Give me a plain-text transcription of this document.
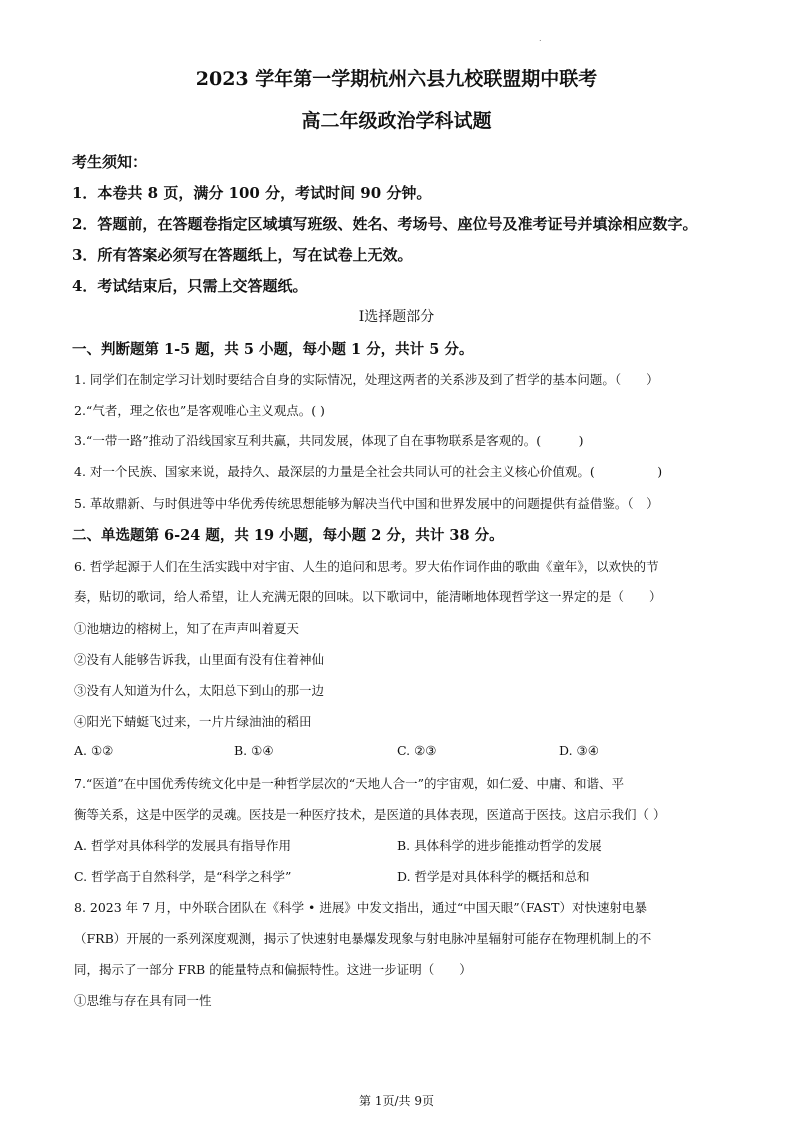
.
2023 学年第一学期杭州六县九校联盟期中联考
高二年级政治学科试题
考生须知：
1．本卷共 8 页，满分 100 分，考试时间 90 分钟。
2．答题前，在答题卷指定区域填写班级、姓名、考场号、座位号及准考证号并填涂相应数字。
3．所有答案必须写在答题纸上，写在试卷上无效。
4．考试结束后，只需上交答题纸。
Ⅰ选择题部分
一、判断题第 1-5 题，共 5 小题，每小题 1 分，共计 5 分。
1. 同学们在制定学习计划时要结合自身的实际情况，处理这两者的关系涉及到了哲学的基本问题。（　　）
2.“气者，理之依也”是客观唯心主义观点。( )
3.“一带一路”推动了沿线国家互利共赢，共同发展，体现了自在事物联系是客观的。(　　　)
4. 对一个民族、国家来说，最持久、最深层的力量是全社会共同认可的社会主义核心价值观。(　　　　　)
5. 革故鼎新、与时俱进等中华优秀传统思想能够为解决当代中国和世界发展中的问题提供有益借鉴。（　）
二、单选题第 6-24 题，共 19 小题，每小题 2 分，共计 38 分。
6. 哲学起源于人们在生活实践中对宇宙、人生的追问和思考。罗大佑作词作曲的歌曲《童年》，以欢快的节
奏，贴切的歌词，给人希望，让人充满无限的回味。以下歌词中，能清晰地体现哲学这一界定的是（　　）
①池塘边的榕树上，知了在声声叫着夏天
②没有人能够告诉我，山里面有没有住着神仙
③没有人知道为什么，太阳总下到山的那一边
④阳光下蜻蜓飞过来，一片片绿油油的稻田
A. ①②	B. ①④	C. ②③	D. ③④
7.“医道”在中国优秀传统文化中是一种哲学层次的“天地人合一”的宇宙观，如仁爱、中庸、和谐、平
衡等关系，这是中医学的灵魂。医技是一种医疗技术，是医道的具体表现，医道高于医技。这启示我们（ ）
A. 哲学对具体科学的发展具有指导作用	B. 具体科学的进步能推动哲学的发展
C. 哲学高于自然科学，是“科学之科学”	D. 哲学是对具体科学的概括和总和
8. 2023 年 7 月，中外联合团队在《科学 • 进展》中发文指出，通过“中国天眼”（FAST）对快速射电暴
（FRB）开展的一系列深度观测，揭示了快速射电暴爆发现象与射电脉冲星辐射可能存在物理机制上的不
同，揭示了一部分 FRB 的能量特点和偏振特性。这进一步证明（　　）
①思维与存在具有同一性
第 1页/共 9页
